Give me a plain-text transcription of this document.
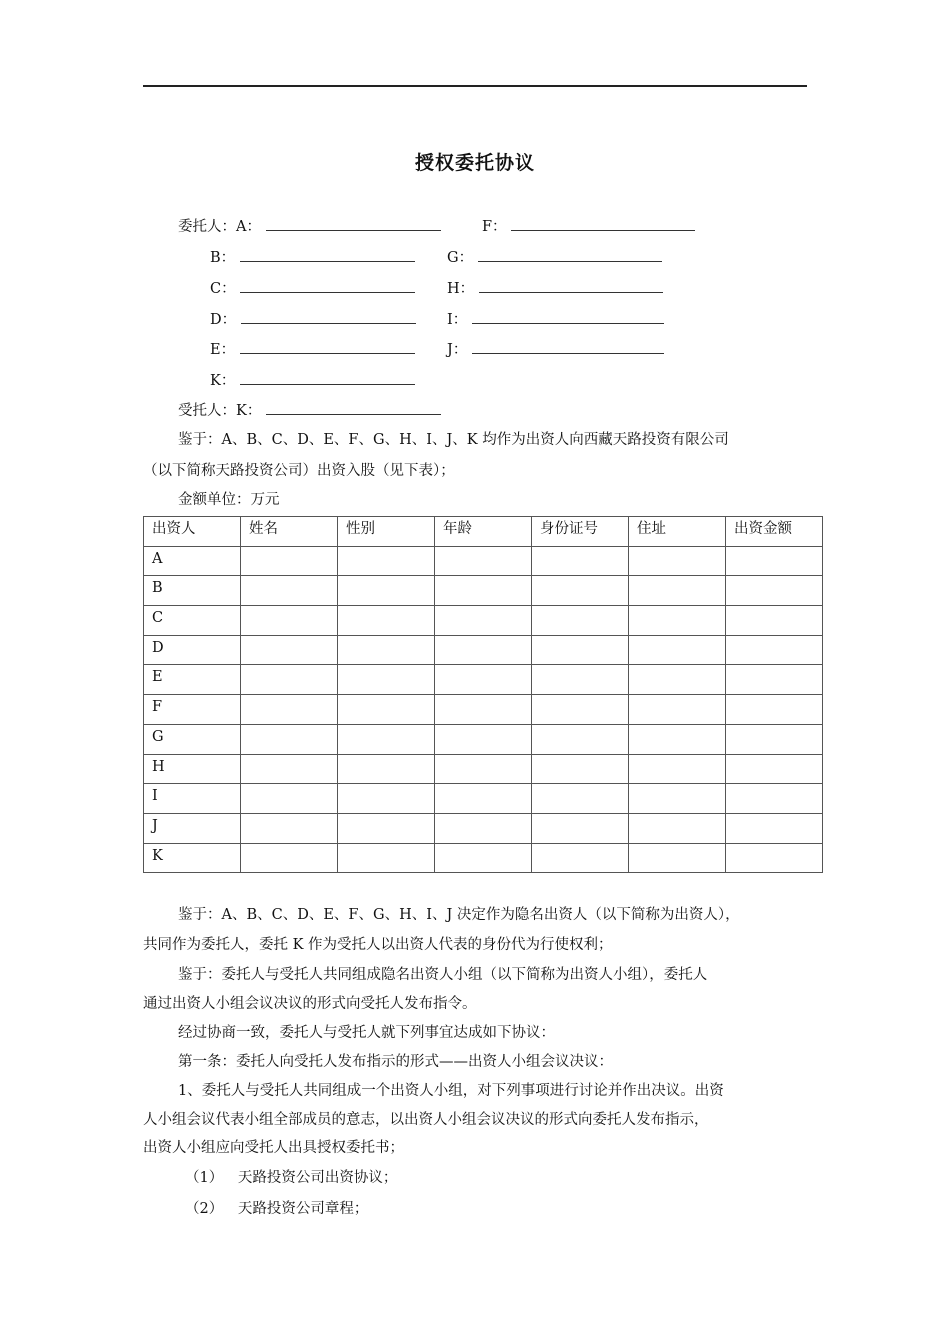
授权委托协议
委托人：A：	F：
B：	G：
C：	H：
D：	I：
E：	J：
K：
受托人：K：
鉴于：A、B、C、D、E、F、G、H、I、J、K 均作为出资人向西藏天路投资有限公司
（以下简称天路投资公司）出资入股（见下表）；
金额单位：万元
出资人	姓名	性别	年龄	身份证号	住址	出资金额
A						
B						
C						
D						
E						
F						
G						
H						
I						
J						
K						
鉴于：A、B、C、D、E、F、G、H、I、J 决定作为隐名出资人（以下简称为出资人），
共同作为委托人，委托 K 作为受托人以出资人代表的身份代为行使权利；
鉴于：委托人与受托人共同组成隐名出资人小组（以下简称为出资人小组），委托人
通过出资人小组会议决议的形式向受托人发布指令。
经过协商一致，委托人与受托人就下列事宜达成如下协议：
第一条：委托人向受托人发布指示的形式——出资人小组会议决议：
1、委托人与受托人共同组成一个出资人小组，对下列事项进行讨论并作出决议。出资
人小组会议代表小组全部成员的意志，以出资人小组会议决议的形式向委托人发布指示，
出资人小组应向受托人出具授权委托书；
（1） 天路投资公司出资协议；
（2） 天路投资公司章程；
